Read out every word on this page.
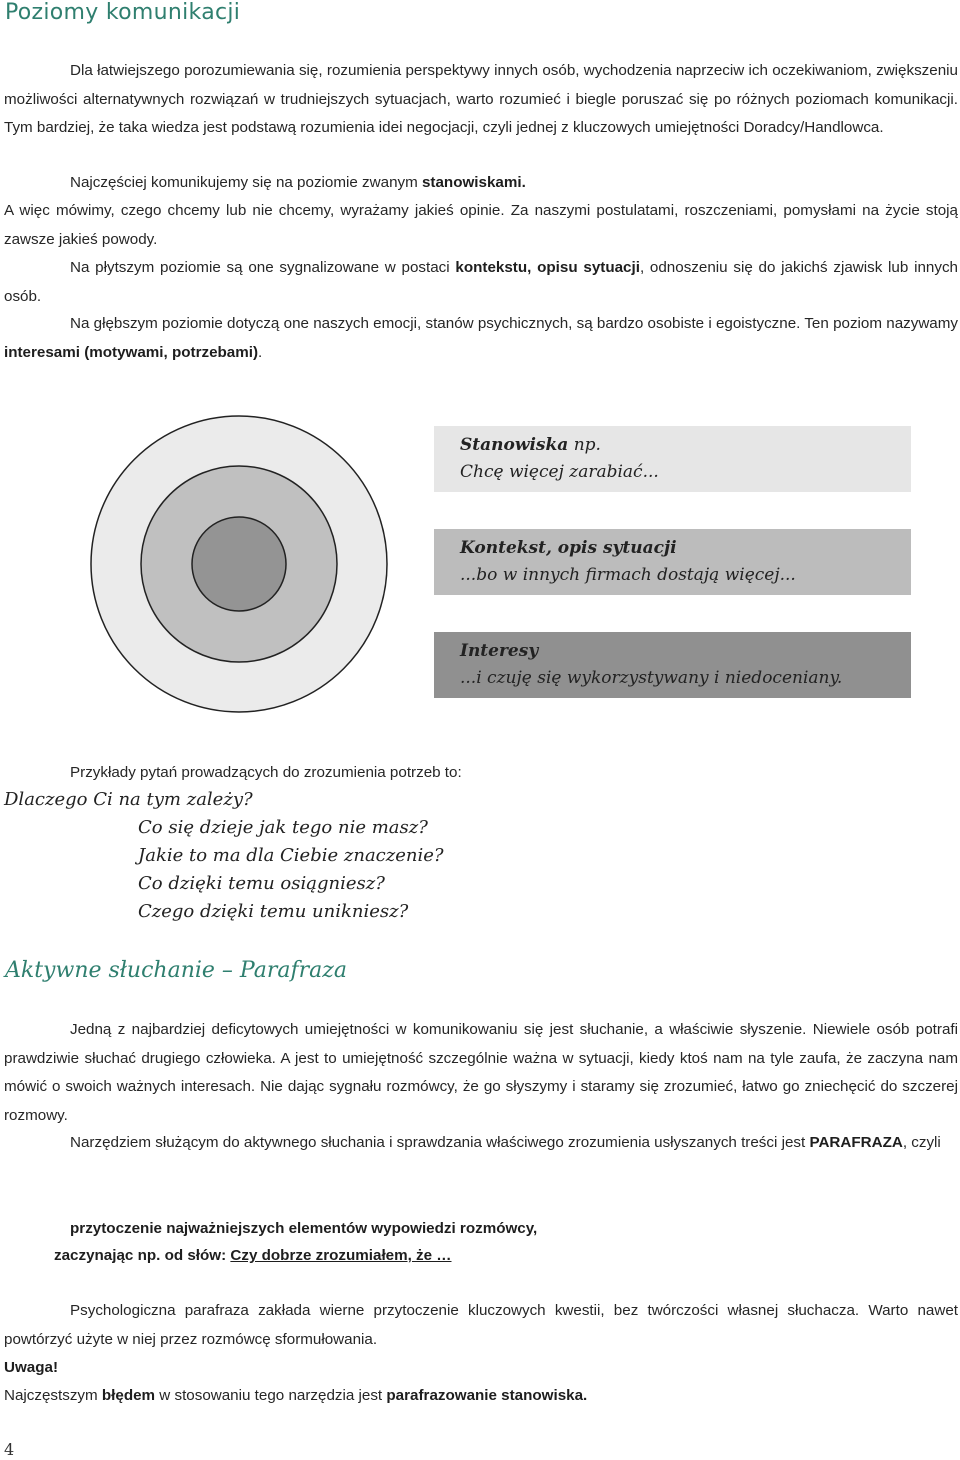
Poziomy komunikacji

Dla łatwiejszego porozumiewania się, rozumienia perspektywy innych osób, wychodzenia naprzeciw ich oczekiwaniom, zwiększeniu możliwości alternatywnych rozwiązań w trudniejszych sytuacjach, warto rozumieć i biegle poruszać się po różnych poziomach komunikacji. Tym bardziej, że taka wiedza jest podstawą rozumienia idei negocjacji, czyli jednej z kluczowych umiejętności Doradcy/Handlowca.

Najczęściej komunikujemy się na poziomie zwanym stanowiskami.

A więc mówimy, czego chcemy lub nie chcemy, wyrażamy jakieś opinie. Za naszymi postulatami, roszczeniami, pomysłami na życie stoją zawsze jakieś powody.

Na płytszym poziomie są one sygnalizowane w postaci kontekstu, opisu sytuacji, odnoszeniu się do jakichś zjawisk lub innych osób.

Na głębszym poziomie dotyczą one naszych emocji, stanów psychicznych, są bardzo osobiste i egoistyczne. Ten poziom nazywamy interesami (motywami, potrzebami).

Stanowiska np.
Chcę więcej zarabiać...
Kontekst, opis sytuacji
...bo w innych firmach dostają więcej...
Interesy
...i czuję się wykorzystywany i niedoceniany.

Przykłady pytań prowadzących do zrozumienia potrzeb to:

Dlaczego Ci na tym zależy?

Co się dzieje jak tego nie masz?

Jakie to ma dla Ciebie znaczenie?

Co dzięki temu osiągniesz?

Czego dzięki temu unikniesz?

Aktywne słuchanie – Parafraza

Jedną z najbardziej deficytowych umiejętności w komunikowaniu się jest słuchanie, a właściwie słyszenie. Niewiele osób potrafi prawdziwie słuchać drugiego człowieka. A jest to umiejętność szczególnie ważna w sytuacji, kiedy ktoś nam na tyle zaufa, że zaczyna nam mówić o swoich ważnych interesach. Nie dając sygnału rozmówcy, że go słyszymy i staramy się zrozumieć, łatwo go zniechęcić do szczerej rozmowy.

Narzędziem służącym do aktywnego słuchania i sprawdzania właściwego zrozumienia usłyszanych treści jest PARAFRAZA, czyli

przytoczenie najważniejszych elementów wypowiedzi rozmówcy,

zaczynając np. od słów: Czy dobrze zrozumiałem, że …

Psychologiczna parafraza zakłada wierne przytoczenie kluczowych kwestii, bez twórczości własnej słuchacza. Warto nawet powtórzyć użyte w niej przez rozmówcę sformułowania.

Uwaga!

Najczęstszym błędem w stosowaniu tego narzędzia jest parafrazowanie stanowiska.

4
